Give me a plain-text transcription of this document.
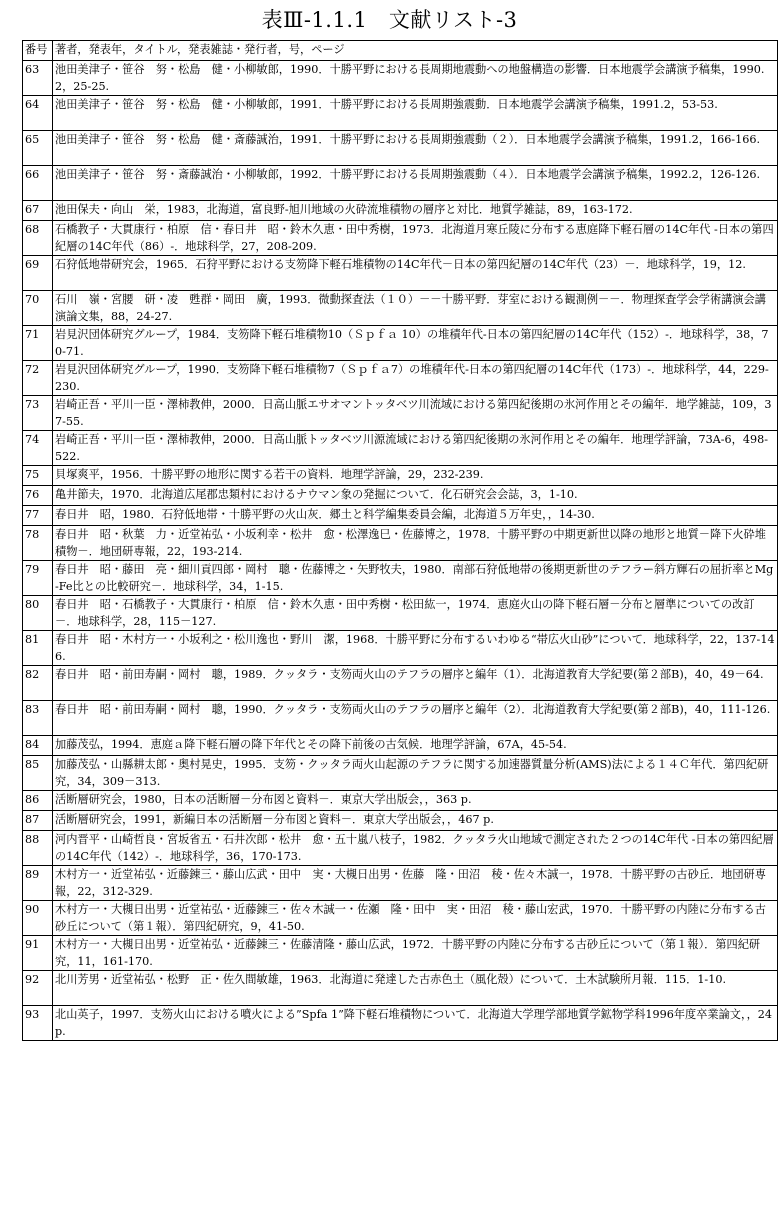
表Ⅲ-1.1.1　文献リスト-3
番号	著者，発表年，タイトル，発表雑誌・発行者，号，ページ
63	池田美津子・笹谷　努・松島　健・小柳敏郎，1990．十勝平野における長周期地震動への地盤構造の影響．日本地震学会講演予稿集，1990.2，25-25.
64	池田美津子・笹谷　努・松島　健・小柳敏郎，1991．十勝平野における長周期強震動．日本地震学会講演予稿集，1991.2，53-53.
65	池田美津子・笹谷　努・松島　健・斎藤誠治，1991．十勝平野における長周期強震動（２）．日本地震学会講演予稿集，1991.2，166-166.
66	池田美津子・笹谷　努・斎藤誠治・小柳敏郎，1992．十勝平野における長周期強震動（４）．日本地震学会講演予稿集，1992.2，126-126.
67	池田保夫・向山　栄，1983，北海道，富良野-旭川地域の火砕流堆積物の層序と対比．地質学雑誌，89，163-172.
68	石橋教子・大貫康行・柏原　信・春日井　昭・鈴木久恵・田中秀樹，1973．北海道月寒丘陵に分布する恵庭降下軽石層の14C年代 -日本の第四紀層の14C年代（86）-．地球科学，27，208-209.
69	石狩低地帯研究会，1965．石狩平野における支笏降下軽石堆積物の14C年代－日本の第四紀層の14C年代（23）－．地球科学，19，12.
70	石川　嶺・宮腰　研・凌　甦群・岡田　廣，1993．微動探査法（１０）－－十勝平野．芽室における観測例－－．物理探査学会学術講演会講演論文集，88，24-27.
71	岩見沢団体研究グループ，1984．支笏降下軽石堆積物10（Ｓｐｆａ 10）の堆積年代-日本の第四紀層の14C年代（152）-．地球科学，38，70-71.
72	岩見沢団体研究グループ，1990．支笏降下軽石堆積物7（Ｓｐｆａ7）の堆積年代-日本の第四紀層の14C年代（173）-．地球科学，44，229-230.
73	岩崎正吾・平川一臣・澤柿教伸，2000．日高山脈エサオマントッタベツ川流域における第四紀後期の氷河作用とその編年．地学雑誌，109，37-55.
74	岩崎正吾・平川一臣・澤柿教伸，2000．日高山脈トッタベツ川源流域における第四紀後期の氷河作用とその編年．地理学評論，73A-6，498-522.
75	貝塚爽平，1956．十勝平野の地形に関する若干の資料．地理学評論，29，232-239.
76	亀井節夫，1970．北海道広尾郡忠類村におけるナウマン象の発掘について．化石研究会会誌，3，1-10.
77	春日井　昭，1980．石狩低地帯・十勝平野の火山灰．郷土と科学編集委員会編，北海道５万年史，，14-30.
78	春日井　昭・秋葉　力・近堂祐弘・小坂利幸・松井　愈・松澤逸巳・佐藤博之，1978．十勝平野の中期更新世以降の地形と地質－降下火砕堆積物－．地団研専報，22，193-214.
79	春日井　昭・藤田　亮・細川貢四郎・岡村　聰・佐藤博之・矢野牧夫，1980．南部石狩低地帯の後期更新世のテフラー斜方輝石の屈折率とMg-Fe比との比較研究－．地球科学，34，1-15.
80	春日井　昭・石橋教子・大貫康行・柏原　信・鈴木久恵・田中秀樹・松田紘一，1974．恵庭火山の降下軽石層－分布と層準についての改訂－．地球科学，28，115－127.
81	春日井　昭・木村方一・小坂利之・松川逸也・野川　潔，1968．十勝平野に分布するいわゆる“帯広火山砂”について．地球科学，22，137-146.
82	春日井　昭・前田寿嗣・岡村　聰，1989．クッタラ・支笏両火山のテフラの層序と編年（1）．北海道教育大学紀要(第２部B)，40，49－64.
83	春日井　昭・前田寿嗣・岡村　聰，1990．クッタラ・支笏両火山のテフラの層序と編年（2）．北海道教育大学紀要(第２部B)，40，111-126.
84	加藤茂弘，1994．恵庭ａ降下軽石層の降下年代とその降下前後の古気候．地理学評論，67A，45-54.
85	加藤茂弘・山縣耕太郎・奥村晃史，1995．支笏・クッタラ両火山起源のテフラに関する加速器質量分析(AMS)法による１４Ｃ年代．第四紀研究，34，309－313.
86	活断層研究会，1980，日本の活断層－分布図と資料－．東京大学出版会，，363 p.
87	活断層研究会，1991，新編日本の活断層－分布図と資料－．東京大学出版会，，467 p.
88	河内晋平・山崎哲良・宮坂省五・石井次郎・松井　愈・五十嵐八枝子，1982．クッタラ火山地域で測定された２つの14C年代 -日本の第四紀層の14C年代（142）-．地球科学，36，170-173.
89	木村方一・近堂祐弘・近藤錬三・藤山広武・田中　実・大槻日出男・佐藤　隆・田沼　稜・佐々木誠一，1978．十勝平野の古砂丘．地団研専報，22，312-329.
90	木村方一・大槻日出男・近堂祐弘・近藤錬三・佐々木誠一・佐瀬　隆・田中　実・田沼　稜・藤山宏武，1970．十勝平野の内陸に分布する古砂丘について（第１報）．第四紀研究，9，41-50.
91	木村方一・大槻日出男・近堂祐弘・近藤錬三・佐藤清隆・藤山広武，1972．十勝平野の内陸に分布する古砂丘について（第１報）．第四紀研究，11，161-170.
92	北川芳男・近堂祐弘・松野　正・佐久間敏雄，1963．北海道に発達した古赤色土（風化殻）について．土木試験所月報．115．1-10.
93	北山英子，1997．支笏火山における噴火による”Spfa 1”降下軽石堆積物について．北海道大学理学部地質学鉱物学科1996年度卒業論文，，24 p.
